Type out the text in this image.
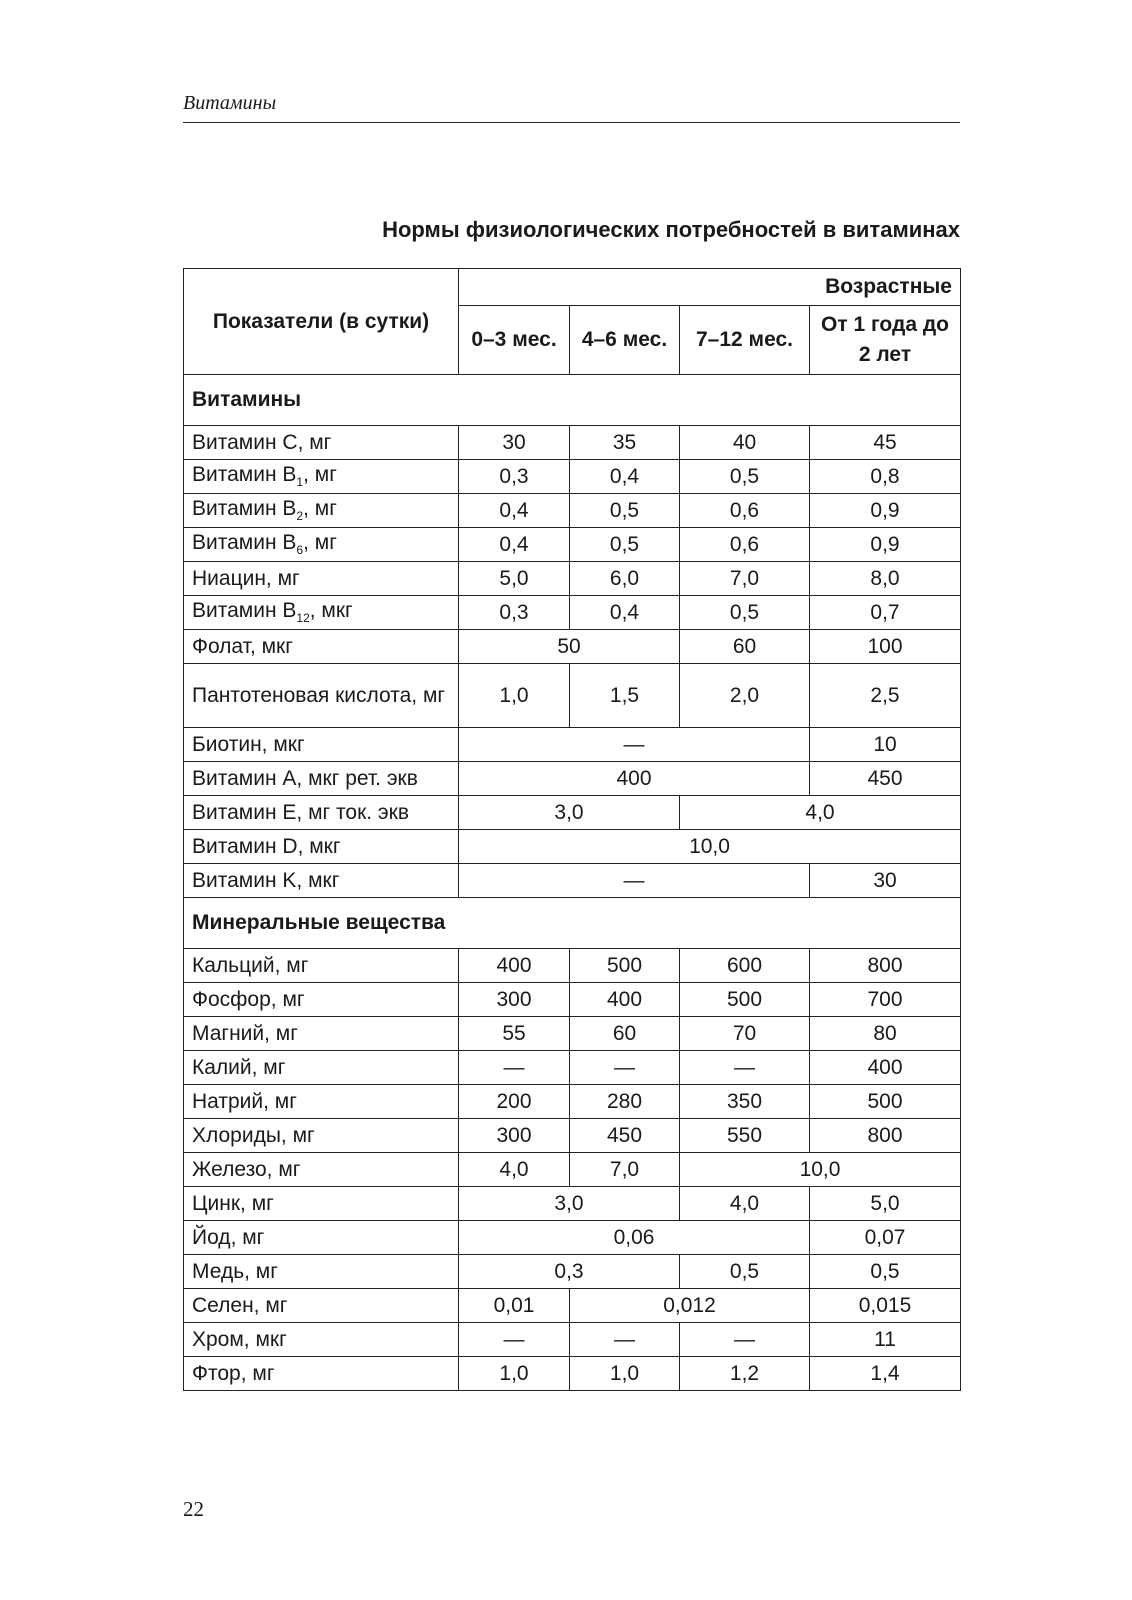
Витамины
Нормы физиологических потребностей в витаминах
Показатели (в сутки)	Возрастные			
	0–3 мес.	4–6 мес.	7–12 мес.	От 1 года до 2 лет
Витамины				
Витамин C, мг	30	35	40	45
Витамин $B_1$, мг	0,3	0,4	0,5	0,8
Витамин $B_2$, мг	0,4	0,5	0,6	0,9
Витамин $B_6$, мг	0,4	0,5	0,6	0,9
Ниацин, мг	5,0	6,0	7,0	8,0
Витамин $B_{12}$, мкг	0,3	0,4	0,5	0,7
Фолат, мкг	50		60	100
Пантотеновая кислота, мг	1,0	1,5	2,0	2,5
Биотин, мкг	—			10
Витамин A, мкг рет. экв	400			450
Витамин E, мг ток. экв	3,0		4,0	
Витамин D, мкг	10,0			
Витамин K, мкг	—			30
Минеральные вещества				
Кальций, мг	400	500	600	800
Фосфор, мг	300	400	500	700
Магний, мг	55	60	70	80
Калий, мг	—	—	—	400
Натрий, мг	200	280	350	500
Хлориды, мг	300	450	550	800
Железо, мг	4,0	7,0	10,0	
Цинк, мг	3,0		4,0	5,0
Йод, мг	0,06			0,07
Медь, мг	0,3		0,5	0,5
Селен, мг	0,01	0,012		0,015
Хром, мкг	—	—	—	11
Фтор, мг	1,0	1,0	1,2	1,4
22
